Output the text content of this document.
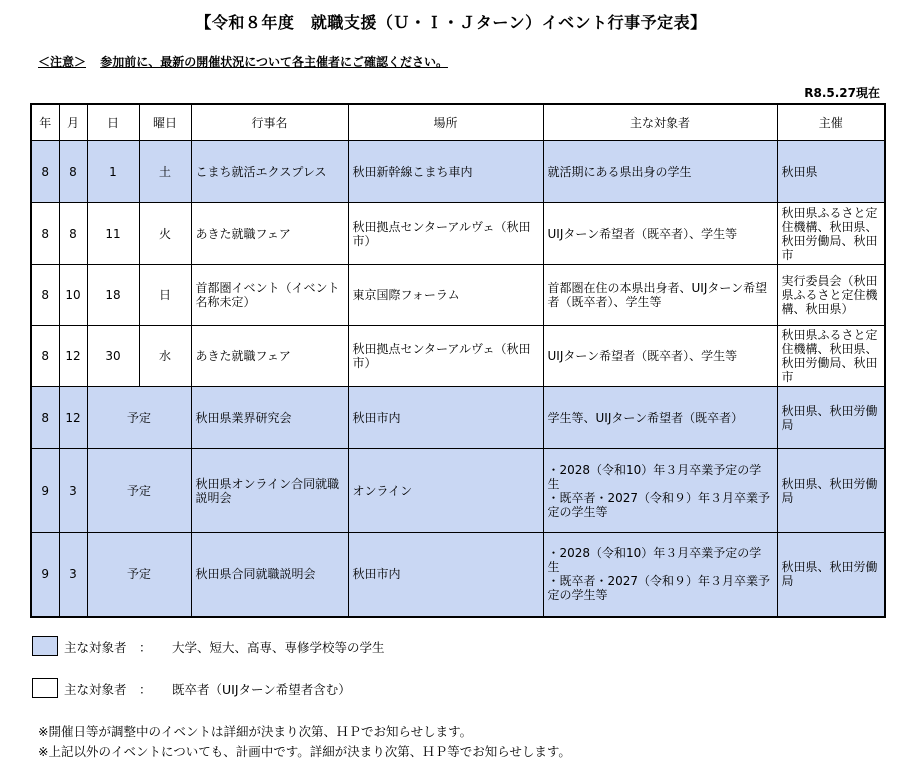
【令和８年度　就職支援（Ｕ・Ｉ・Ｊターン）イベント行事予定表】
＜注意＞ 参加前に、最新の開催状況について各主催者にご確認ください。
R8.5.27現在
年	月	日	曜日	行事名	場所	主な対象者	主催
8	8	1	土	こまち就活エクスプレス	秋田新幹線こまち車内	就活期にある県出身の学生	秋田県
8	8	11	火	あきた就職フェア	秋田拠点センターアルヴェ（秋田市）	UIJターン希望者（既卒者）、学生等	秋田県ふるさと定住機構、秋田県、秋田労働局、秋田市
8	10	18	日	首都圏イベント（イベント名称未定）	東京国際フォーラム	首都圏在住の本県出身者、UIJターン希望者（既卒者）、学生等	実行委員会（秋田県ふるさと定住機構、秋田県）
8	12	30	水	あきた就職フェア	秋田拠点センターアルヴェ（秋田市）	UIJターン希望者（既卒者）、学生等	秋田県ふるさと定住機構、秋田県、秋田労働局、秋田市
8	12	予定		秋田県業界研究会	秋田市内	学生等、UIJターン希望者（既卒者）	秋田県、秋田労働局
9	3	予定		秋田県オンライン合同就職説明会	オンライン	・2028（令和10）年３月卒業予定の学生
・既卒者・2027（令和９）年３月卒業予定の学生等	秋田県、秋田労働局
9	3	予定		秋田県合同就職説明会	秋田市内	・2028（令和10）年３月卒業予定の学生
・既卒者・2027（令和９）年３月卒業予定の学生等	秋田県、秋田労働局
主な対象者　： 大学、短大、高専、専修学校等の学生
主な対象者　： 既卒者（UIJターン希望者含む）
※開催日等が調整中のイベントは詳細が決まり次第、ＨＰでお知らせします。
※上記以外のイベントについても、計画中です。詳細が決まり次第、ＨＰ等でお知らせします。
